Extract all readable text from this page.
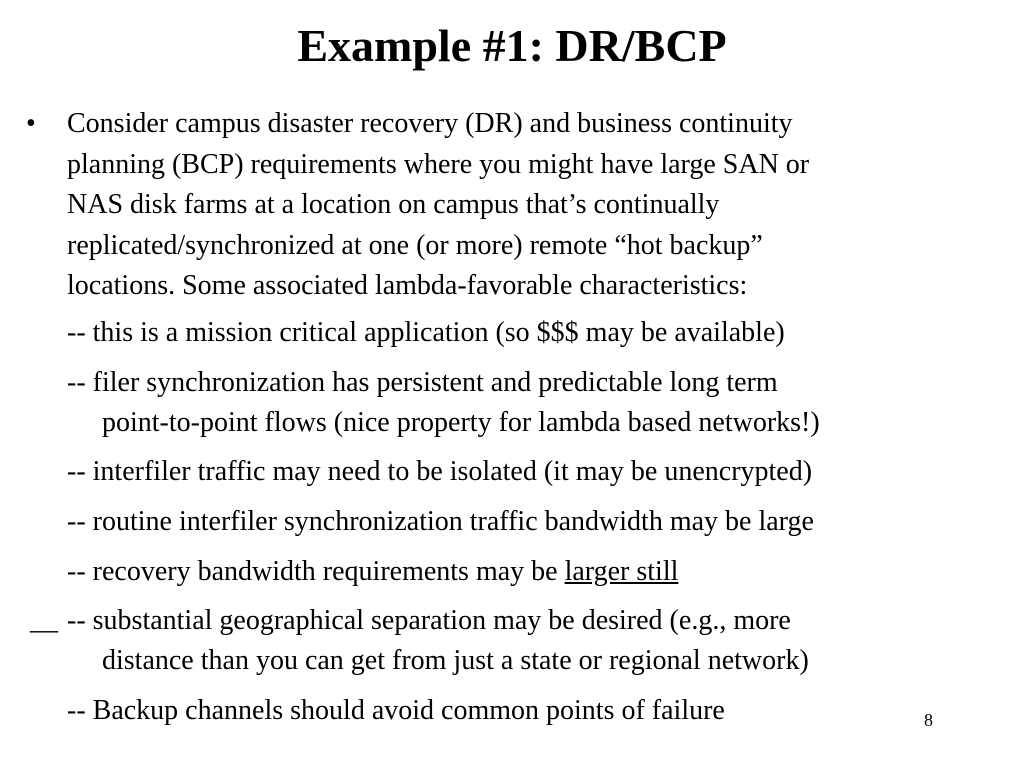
Example #1: DR/BCP
• Consider campus disaster recovery (DR) and business continuity
planning (BCP) requirements where you might have large SAN or
NAS disk farms at a location on campus that’s continually
replicated/synchronized at one (or more) remote “hot backup”
locations. Some associated lambda-favorable characteristics:
-- this is a mission critical application (so $$$ may be available)
-- filer synchronization has persistent and predictable long term
point-to-point flows (nice property for lambda based networks!)
-- interfiler traffic may need to be isolated (it may be unencrypted)
-- routine interfiler synchronization traffic bandwidth may be large
-- recovery bandwidth requirements may be larger still
__ -- substantial geographical separation may be desired (e.g., more
distance than you can get from just a state or regional network)
-- Backup channels should avoid common points of failure	8
